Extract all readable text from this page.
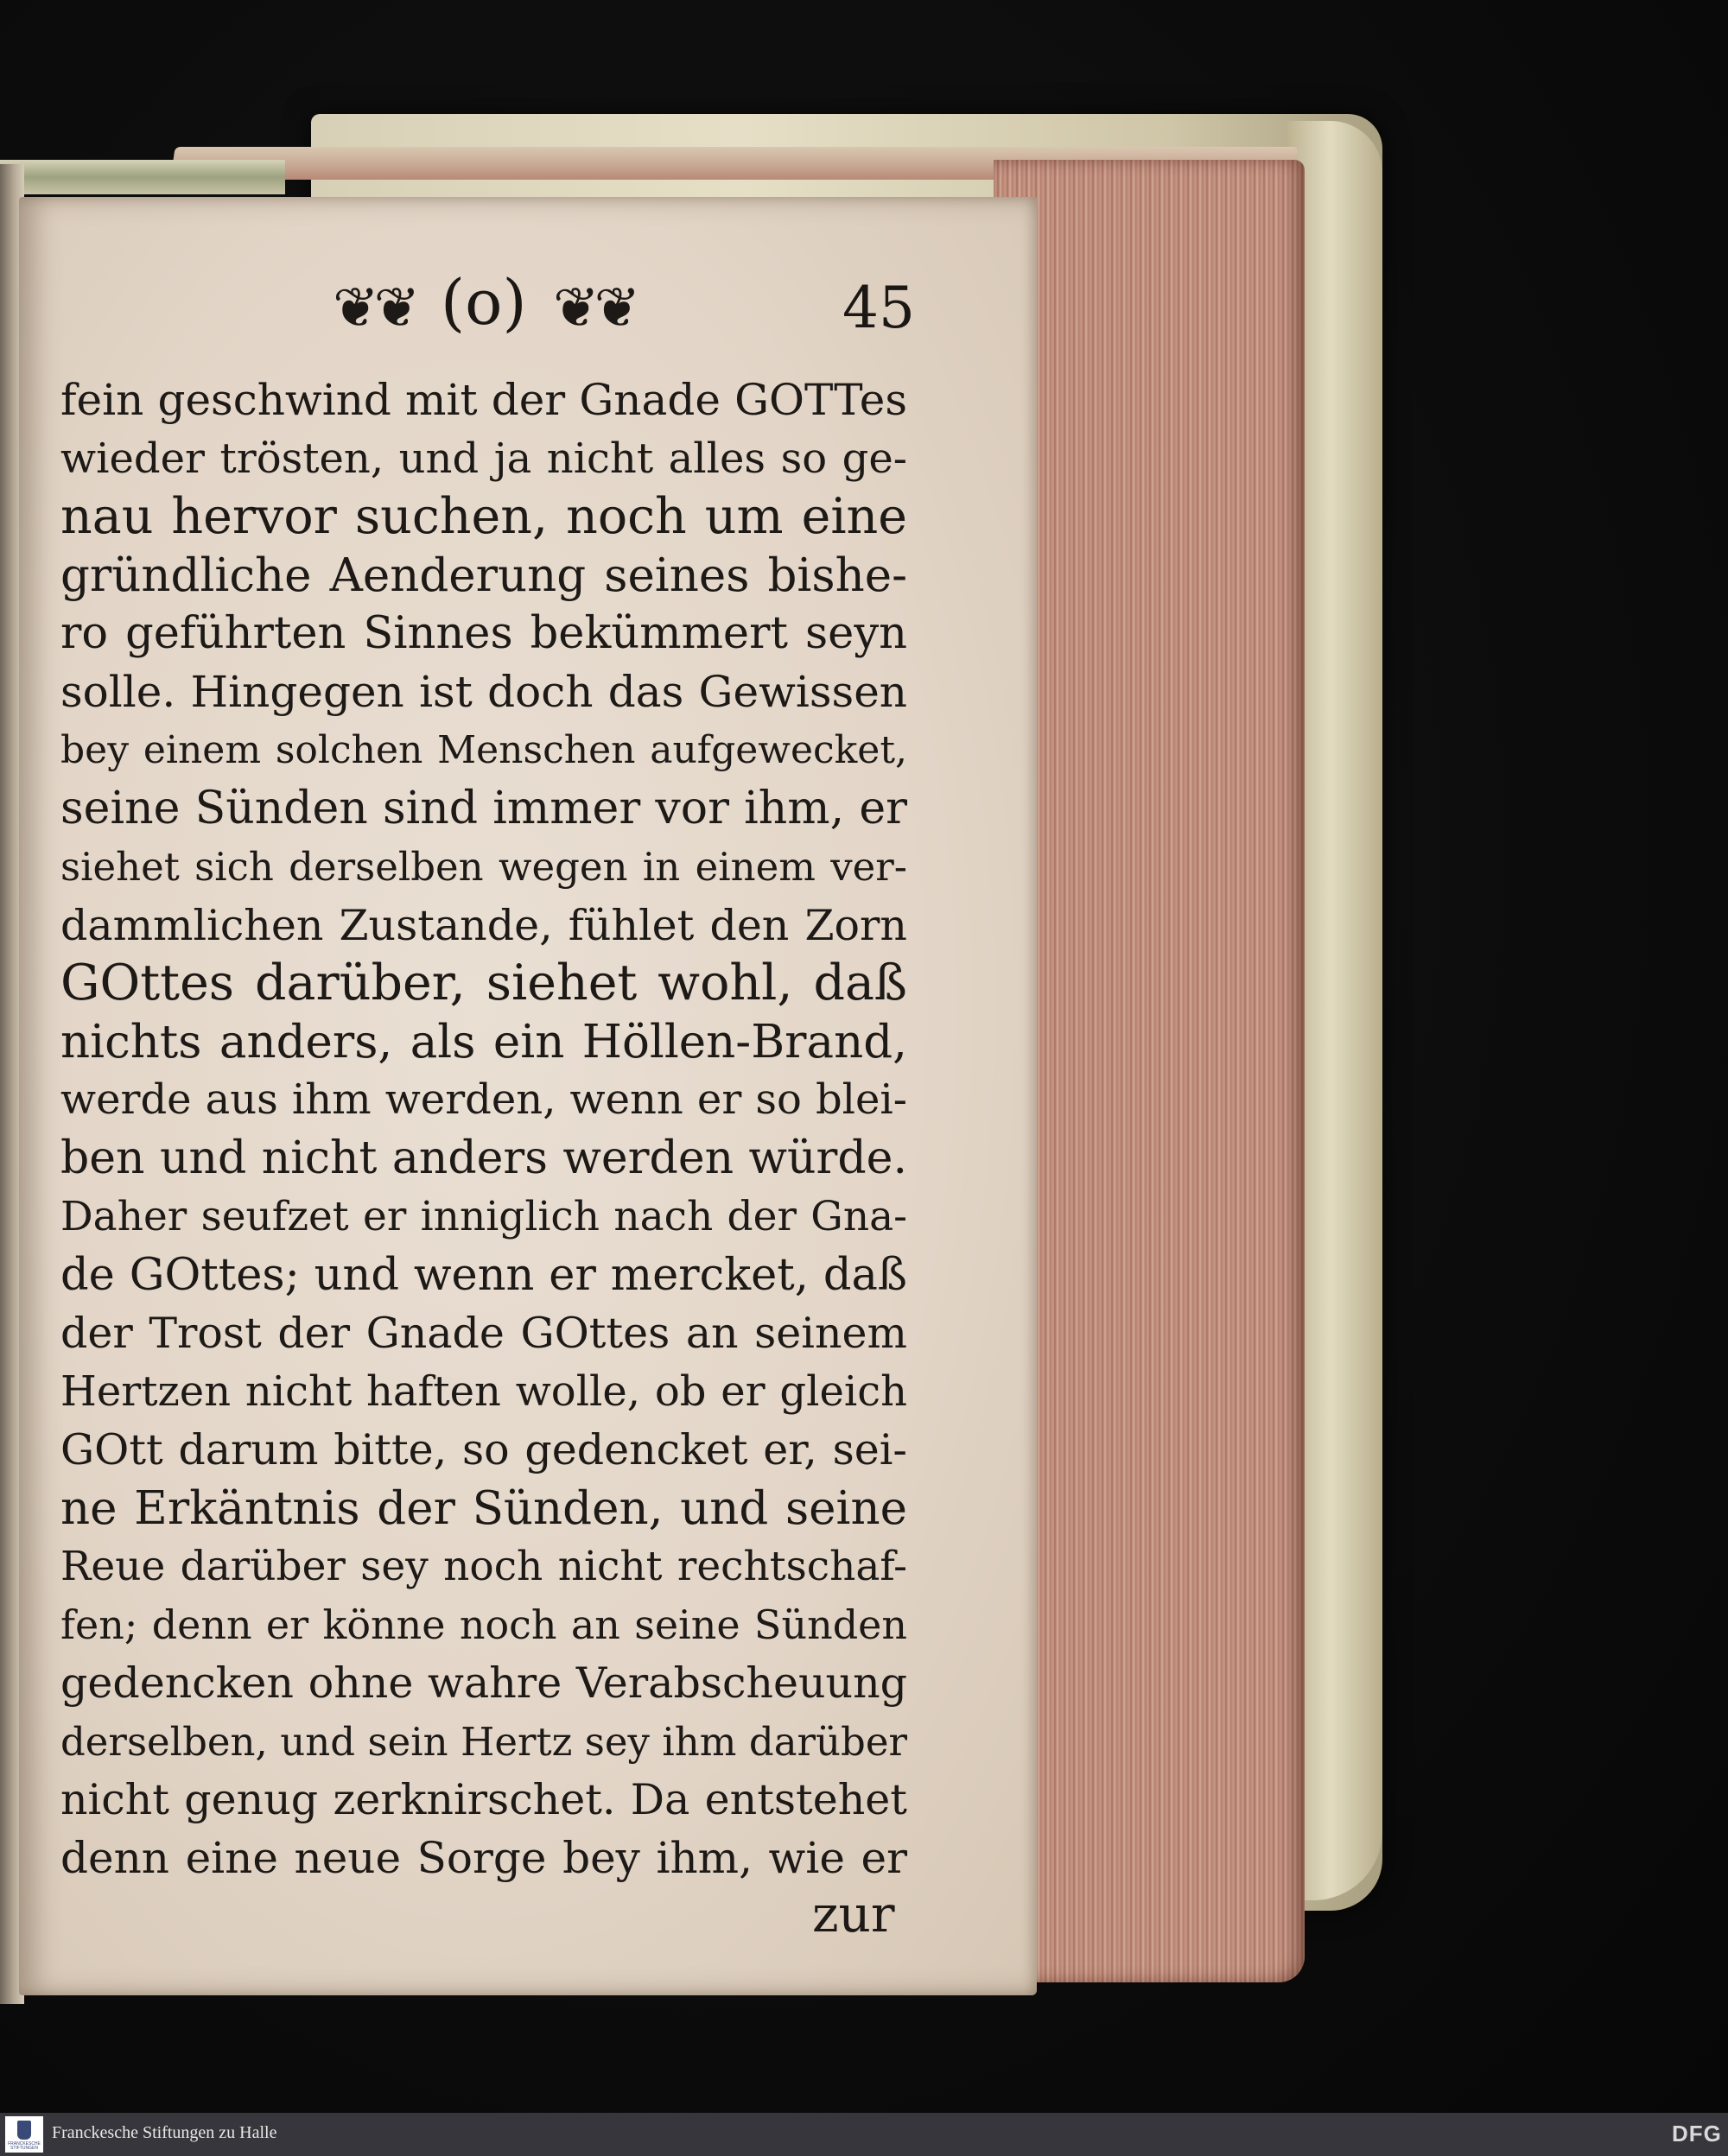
❦❦ (o) ❦❦	45
fein geschwind mit der Gnade GOTTes
wieder trösten, und ja nicht alles so ge-
nau hervor suchen, noch um eine
gründliche Aenderung seines bishe-
ro geführten Sinnes bekümmert seyn
solle. Hingegen ist doch das Gewissen
bey einem solchen Menschen aufgewecket,
seine Sünden sind immer vor ihm, er
siehet sich derselben wegen in einem ver-
dammlichen Zustande, fühlet den Zorn
GOttes darüber, siehet wohl, daß
nichts anders, als ein Höllen-Brand,
werde aus ihm werden, wenn er so blei-
ben und nicht anders werden würde.
Daher seufzet er inniglich nach der Gna-
de GOttes; und wenn er mercket, daß
der Trost der Gnade GOttes an seinem
Hertzen nicht haften wolle, ob er gleich
GOtt darum bitte, so gedencket er, sei-
ne Erkäntnis der Sünden, und seine
Reue darüber sey noch nicht rechtschaf-
fen; denn er könne noch an seine Sünden
gedencken ohne wahre Verabscheuung
derselben, und sein Hertz sey ihm darüber
nicht genug zerknirschet. Da entstehet
denn eine neue Sorge bey ihm, wie er
zur
FRANCKESCHE STIFTUNGEN
Franckesche Stiftungen zu Halle	DFG
